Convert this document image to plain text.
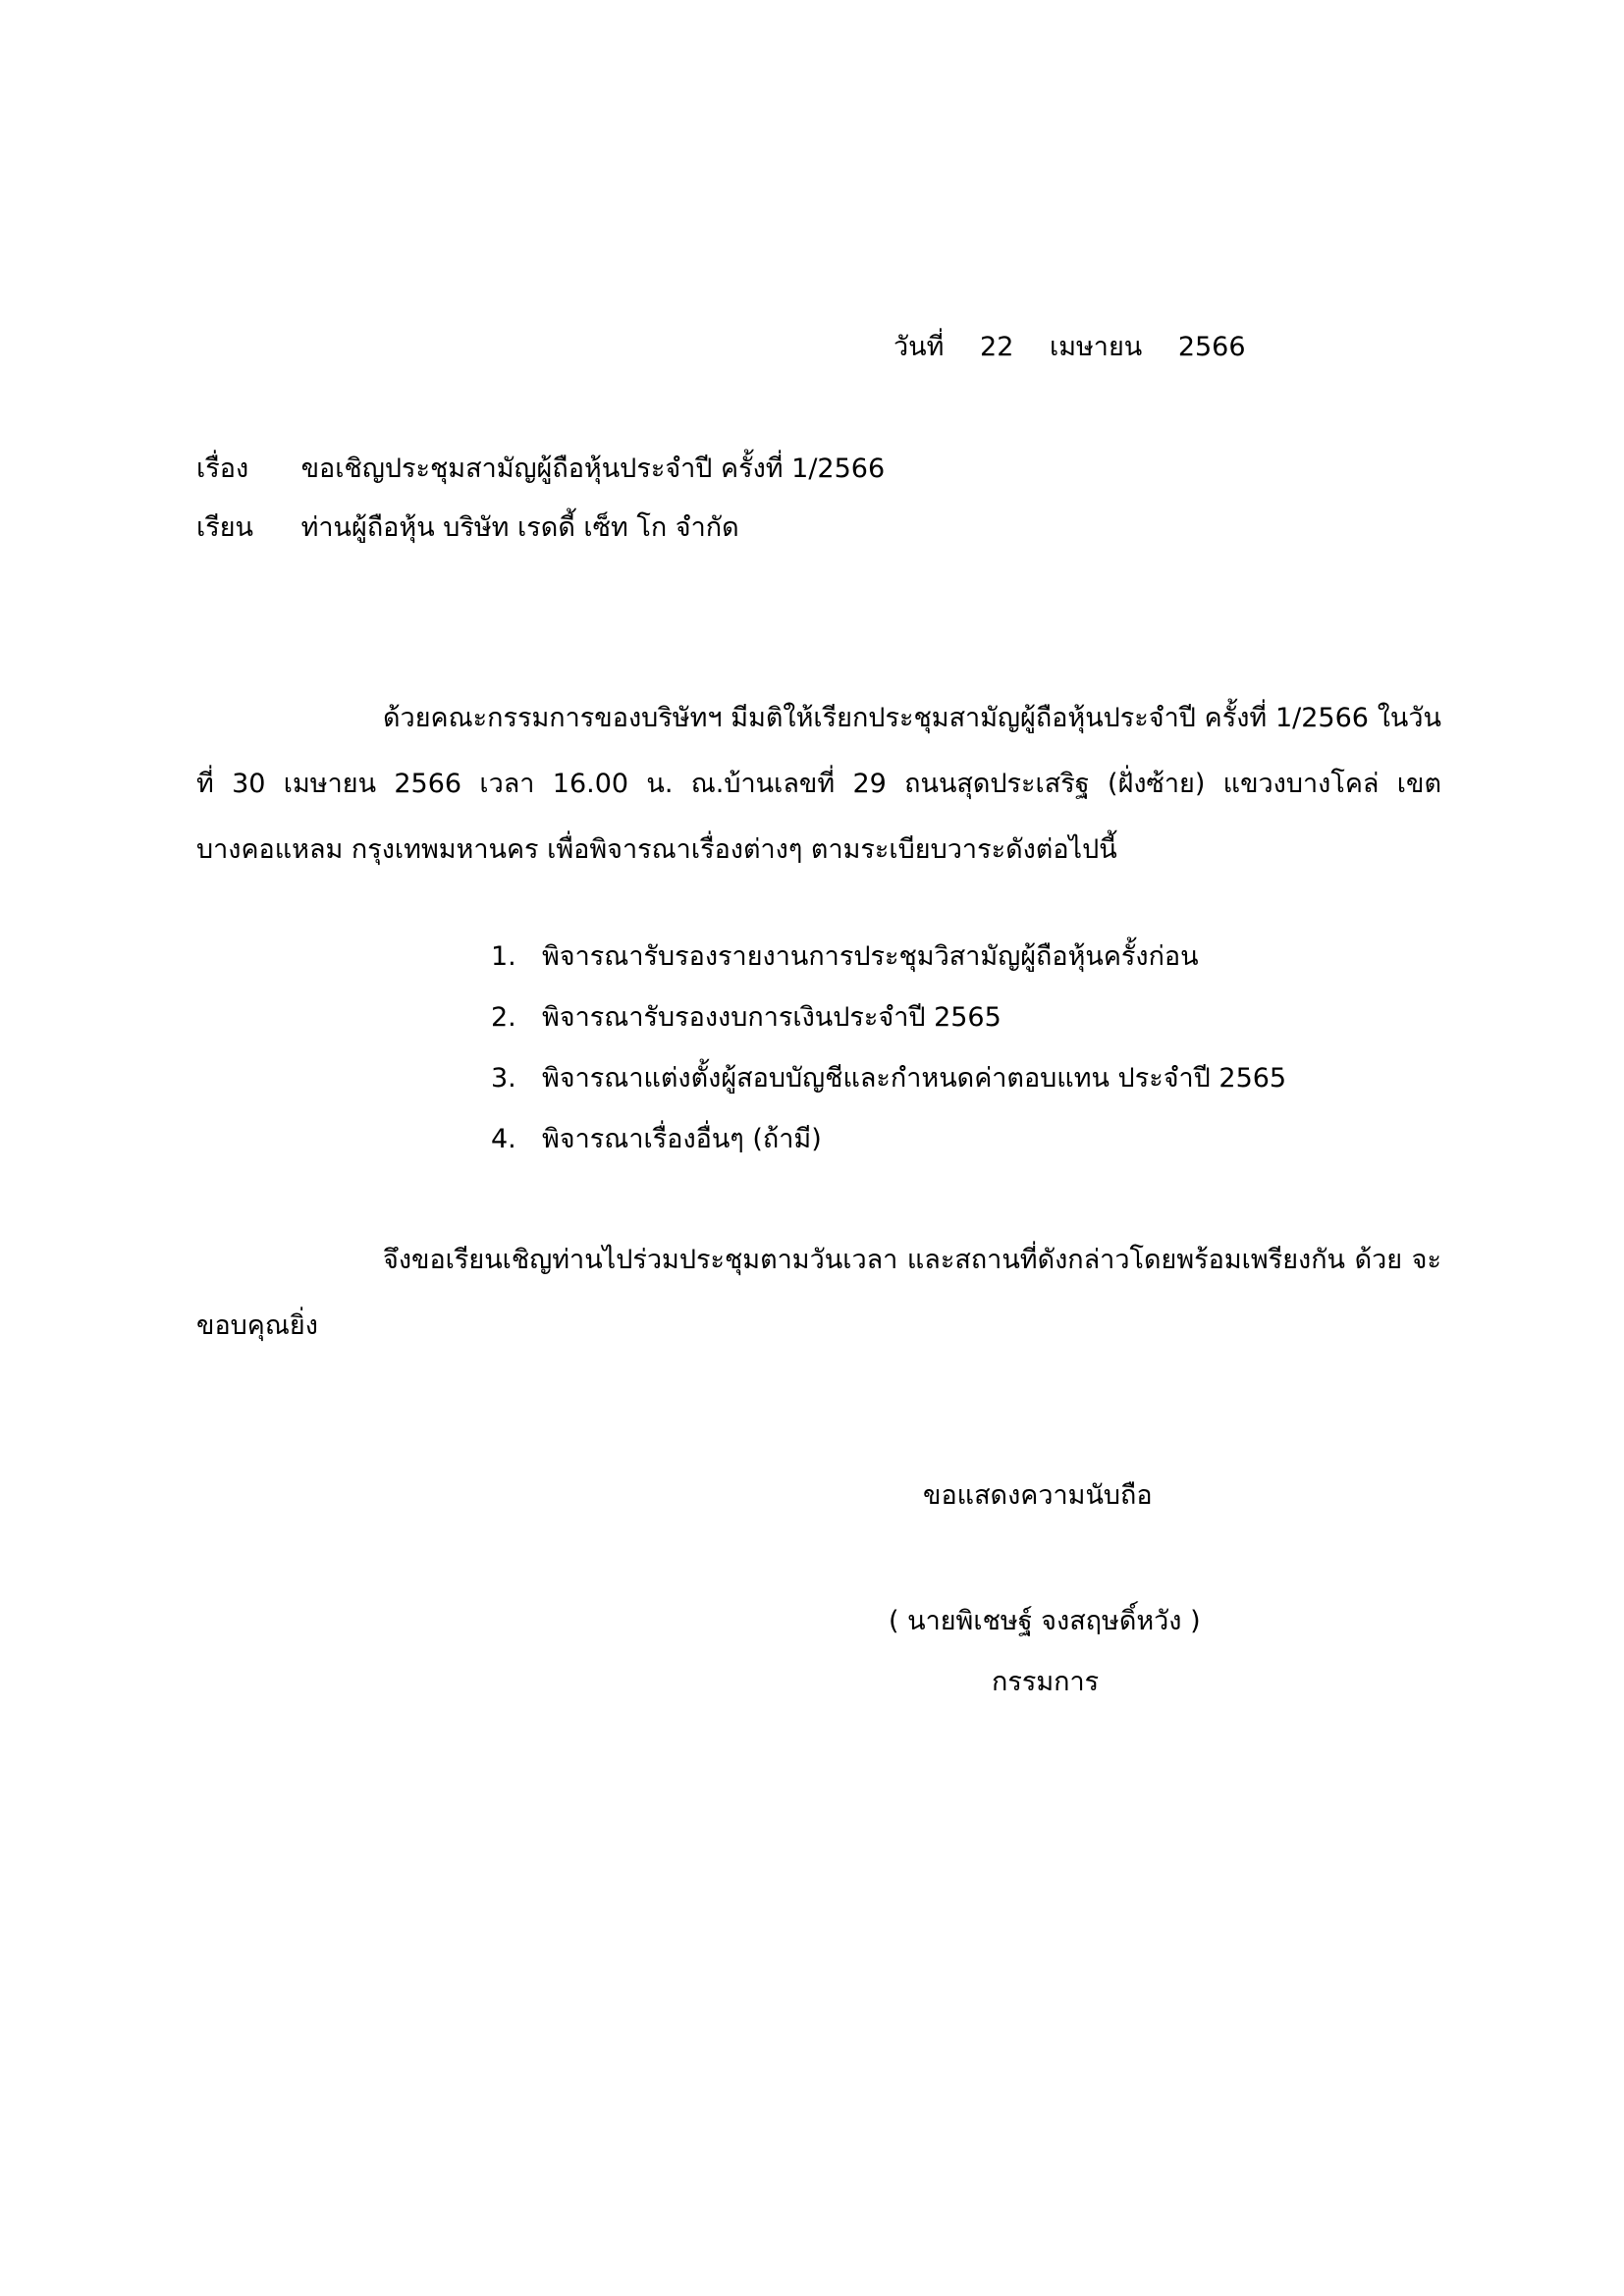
วันที่ 22 เมษายน 2566
เรื่อง ขอเชิญประชุมสามัญผู้ถือหุ้นประจำปี ครั้งที่ 1/2566
เรียน ท่านผู้ถือหุ้น บริษัท เรดดี้ เซ็ท โก จำกัด

ด้วยคณะกรรมการของบริษัทฯ มีมติให้เรียกประชุมสามัญผู้ถือหุ้นประจำปี ครั้งที่ 1/2566 ในวันที่ 30 เมษายน 2566 เวลา 16.00 น. ณ.บ้านเลขที่ 29 ถนนสุดประเสริฐ (ฝั่งซ้าย) แขวงบางโคล่ เขตบางคอแหลม กรุงเทพมหานคร เพื่อพิจารณาเรื่องต่างๆ ตามระเบียบวาระดังต่อไปนี้

1. พิจารณารับรองรายงานการประชุมวิสามัญผู้ถือหุ้นครั้งก่อน
2. พิจารณารับรองงบการเงินประจำปี 2565
3. พิจารณาแต่งตั้งผู้สอบบัญชีและกำหนดค่าตอบแทน ประจำปี 2565
4. พิจารณาเรื่องอื่นๆ (ถ้ามี)

จึงขอเรียนเชิญท่านไปร่วมประชุมตามวันเวลา และสถานที่ดังกล่าวโดยพร้อมเพรียงกัน ด้วย จะขอบคุณยิ่ง

ขอแสดงความนับถือ
( นายพิเชษฐ์ จงสฤษดิ์หวัง )
กรรมการ
